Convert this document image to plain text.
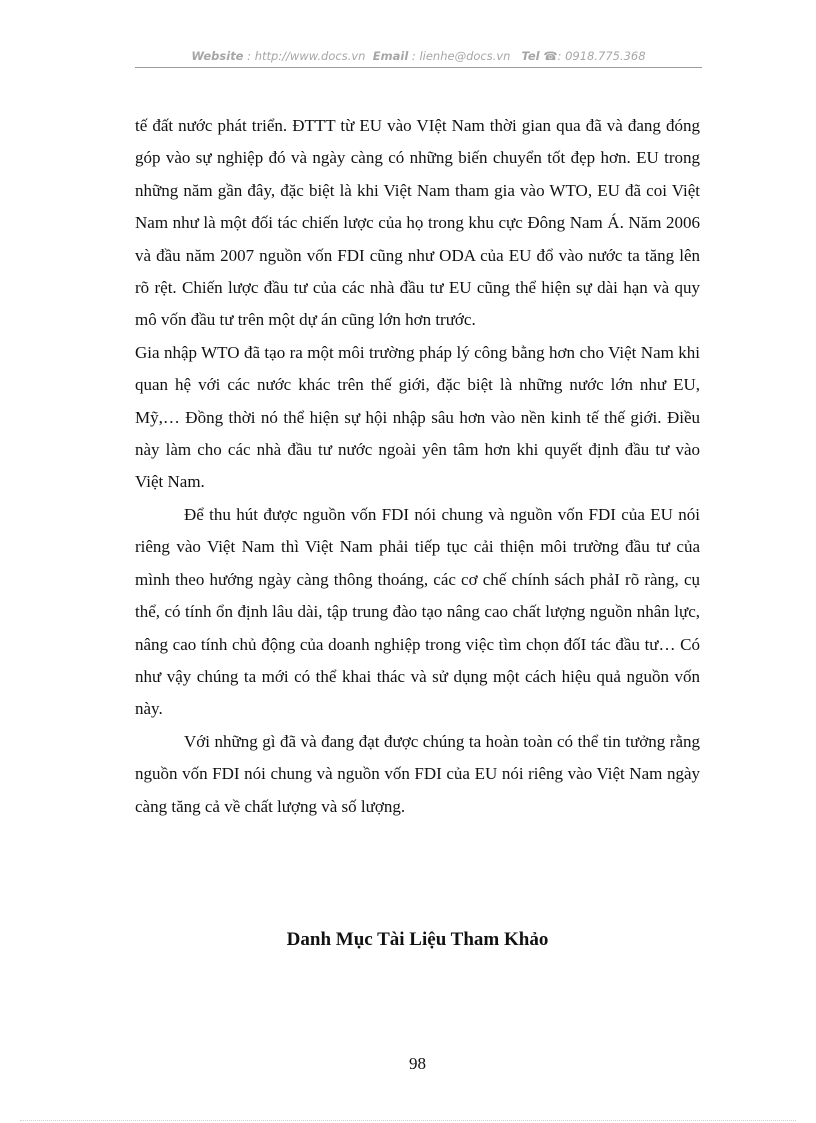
Website : http://www.docs.vn Email : lienhe@docs.vn Tel ☎: 0918.775.368

tế đất nước phát triển. ĐTTT từ EU vào VIệt Nam thời gian qua đã và đang đóng góp vào sự nghiệp đó và ngày càng có những biến chuyển tốt đẹp hơn. EU trong những năm gần đây, đặc biệt là khi Việt Nam tham gia vào WTO, EU đã coi Việt Nam như là một đối tác chiến lược của họ trong khu cực Đông Nam Á. Năm 2006 và đầu năm 2007 nguồn vốn FDI cũng như ODA của EU đổ vào nước ta tăng lên rõ rệt. Chiến lược đầu tư của các nhà đầu tư EU cũng thể hiện sự dài hạn và quy mô vốn đầu tư trên một dự án cũng lớn hơn trước.

Gia nhập WTO đã tạo ra một môi trường pháp lý công bằng hơn cho Việt Nam khi quan hệ với các nước khác trên thế giới, đặc biệt là những nước lớn như EU, Mỹ,… Đồng thời nó thể hiện sự hội nhập sâu hơn vào nền kinh tế thế giới. Điều này làm cho các nhà đầu tư nước ngoài yên tâm hơn khi quyết định đầu tư vào Việt Nam.

Để thu hút được nguồn vốn FDI nói chung và nguồn vốn FDI của EU nói riêng vào Việt Nam thì Việt Nam phải tiếp tục cải thiện môi trường đầu tư của mình theo hướng ngày càng thông thoáng, các cơ chế chính sách phảI rõ ràng, cụ thể, có tính ổn định lâu dài, tập trung đào tạo nâng cao chất lượng nguồn nhân lực, nâng cao tính chủ động của doanh nghiệp trong việc tìm chọn đốI tác đầu tư… Có như vậy chúng ta mới có thể khai thác và sử dụng một cách hiệu quả nguồn vốn này.

Với những gì đã và đang đạt được chúng ta hoàn toàn có thể tin tưởng rằng nguồn vốn FDI nói chung và nguồn vốn FDI của EU nói riêng vào Việt Nam ngày càng tăng cả về chất lượng và số lượng.

Danh Mục Tài Liệu Tham Khảo
98
